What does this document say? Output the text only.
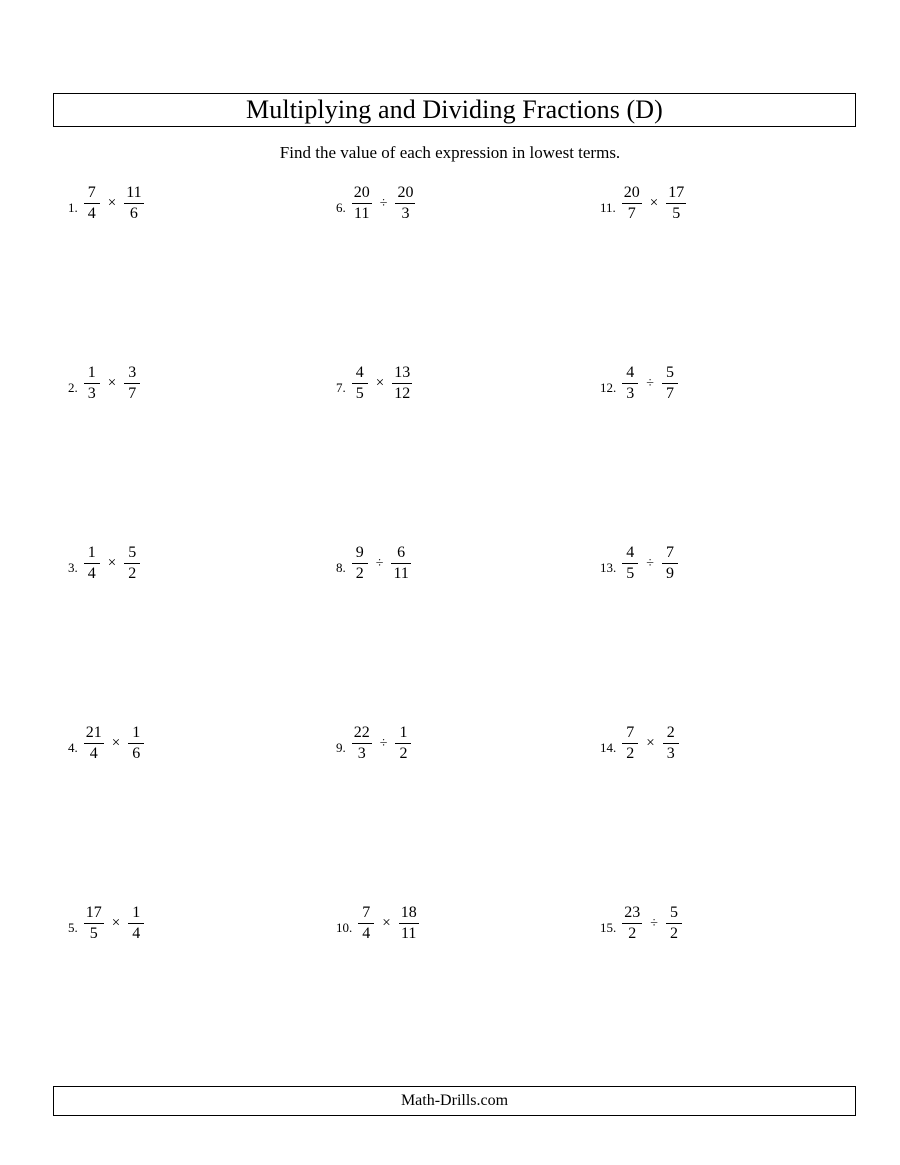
Multiplying and Dividing Fractions (D)
Find the value of each expression in lowest terms.
1. $\frac{7}{4} \times \frac{11}{6}$	6. $\frac{20}{11} \div \frac{20}{3}$	11. $\frac{20}{7} \times \frac{17}{5}$
2. $\frac{1}{3} \times \frac{3}{7}$	7. $\frac{4}{5} \times \frac{13}{12}$	12. $\frac{4}{3} \div \frac{5}{7}$
3. $\frac{1}{4} \times \frac{5}{2}$	8. $\frac{9}{2} \div \frac{6}{11}$	13. $\frac{4}{5} \div \frac{7}{9}$
4. $\frac{21}{4} \times \frac{1}{6}$	9. $\frac{22}{3} \div \frac{1}{2}$	14. $\frac{7}{2} \times \frac{2}{3}$
5. $\frac{17}{5} \times \frac{1}{4}$	10. $\frac{7}{4} \times \frac{18}{11}$	15. $\frac{23}{2} \div \frac{5}{2}$
Math-Drills.com
